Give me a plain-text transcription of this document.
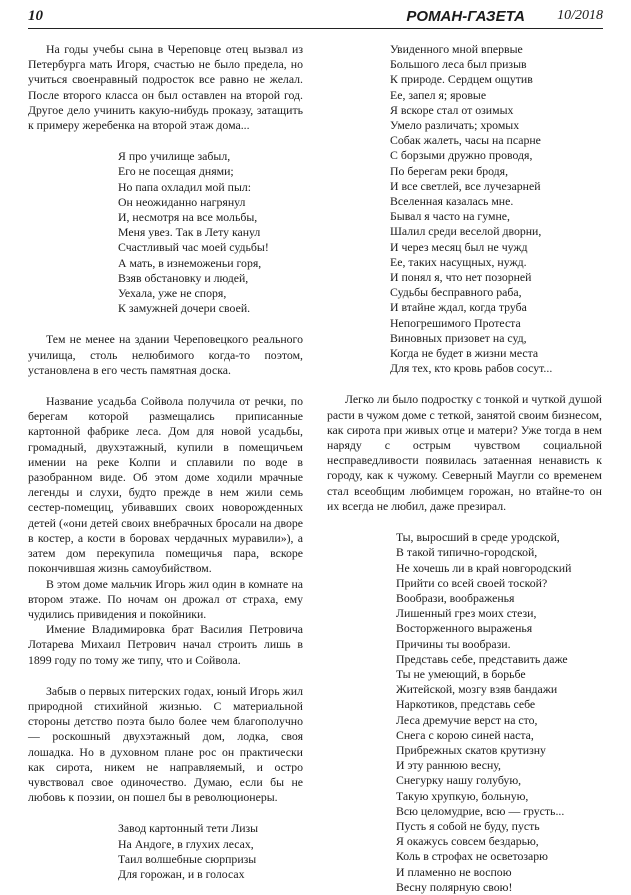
10	РОМАН-ГАЗЕТА 10/2018

На годы учебы сына в Череповце отец вызвал из Петербурга мать Игоря, счастью не было предела, но учиться своенравный подросток все равно не желал. После второго класса он был оставлен на второй год. Другое дело учинить какую-нибудь проказу, затащить к примеру жеребенка на второй этаж дома...

Я про училище забыл,
Его не посещая днями;
Но папа охладил мой пыл:
Он неожиданно нагрянул
И, несмотря на все мольбы,
Меня увез. Так в Лету канул
Счастливый час моей судьбы!
А мать, в изнеможеньи горя,
Взяв обстановку и людей,
Уехала, уже не споря,
К замужней дочери своей.

Тем не менее на здании Череповецкого реального училища, столь нелюбимого когда-то поэтом, установлена в его честь памятная доска.

Название усадьба Сойвола получила от речки, по берегам которой размещались приписанные картонной фабрике леса. Дом для новой усадьбы, громадный, двухэтажный, купили в помещичьем имении на реке Колпи и сплавили по воде в разобранном виде. Об этом доме ходили мрачные легенды и слухи, будто прежде в нем жили семь сестер-помещиц, убивавших своих новорожденных детей («они детей своих внебрачных бросали на дворе в костер, а кости в боровах чердачных муравили»), а затем дом перекупила помещичья пара, вскоре покончившая жизнь самоубийством.

В этом доме мальчик Игорь жил один в комнате на втором этаже. По ночам он дрожал от страха, ему чудились привидения и покойники.

Имение Владимировка брат Василия Петровича Лотарева Михаил Петрович начал строить лишь в 1899 году по тому же типу, что и Сойвола.

Забыв о первых питерских годах, юный Игорь жил природной стихийной жизнью. С материальной стороны детство поэта было более чем благополучно — роскошный двухэтажный дом, лодка, своя лошадка. Но в духовном плане рос он практически как сирота, никем не направляемый, и остро чувствовал свое одиночество. Думаю, если бы не любовь к поэзии, он пошел бы в революционеры.

Завод картонный тети Лизы
На Андоге, в глухих лесах,
Таил волшебные сюрпризы
Для горожан, и в голосах
Увиденного мной впервые
Большого леса был призыв
К природе. Сердцем ощутив
Ее, запел я; яровые
Я вскоре стал от озимых
Умело различать; хромых
Собак жалеть, часы на псарне
С борзыми дружно проводя,
По берегам реки бродя,
И все светлей, все лучезарней
Вселенная казалась мне.
Бывал я часто на гумне,
Шалил среди веселой дворни,
И через месяц был не чужд
Ее, таких насущных, нужд.
И понял я, что нет позорней
Судьбы бесправного раба,
И втайне ждал, когда труба
Непогрешимого Протеста
Виновных призовет на суд,
Когда не будет в жизни места
Для тех, кто кровь рабов сосут...

Легко ли было подростку с тонкой и чуткой душой расти в чужом доме с теткой, занятой своим бизнесом, как сирота при живых отце и матери? Уже тогда в нем наряду с острым чувством социальной несправедливости появилась затаенная ненависть к городу, как к чужому. Северный Маугли со временем стал всеобщим любимцем горожан, но втайне-то он их всегда не любил, даже презирал.

Ты, выросший в среде уродской,
В такой типично-городской,
Не хочешь ли в край новгородский
Прийти со всей своей тоской?
Вообрази, воображенья
Лишенный грез моих стези,
Восторженного выраженья
Причины ты вообрази.
Представь себе, представить даже
Ты не умеющий, в борьбе
Житейской, мозгу взяв бандажи
Наркотиков, представь себе
Леса дремучие верст на сто,
Снега с корою синей наста,
Прибрежных скатов крутизну
И эту раннюю весну,
Снегурку нашу голубую,
Такую хрупкую, больную,
Всю целомудрие, всю — грусть...
Пусть я собой не буду, пусть
Я окажусь совсем бездарью,
Коль в строфах не осветозарю
И пламенно не воспою
Весну полярную свою!
